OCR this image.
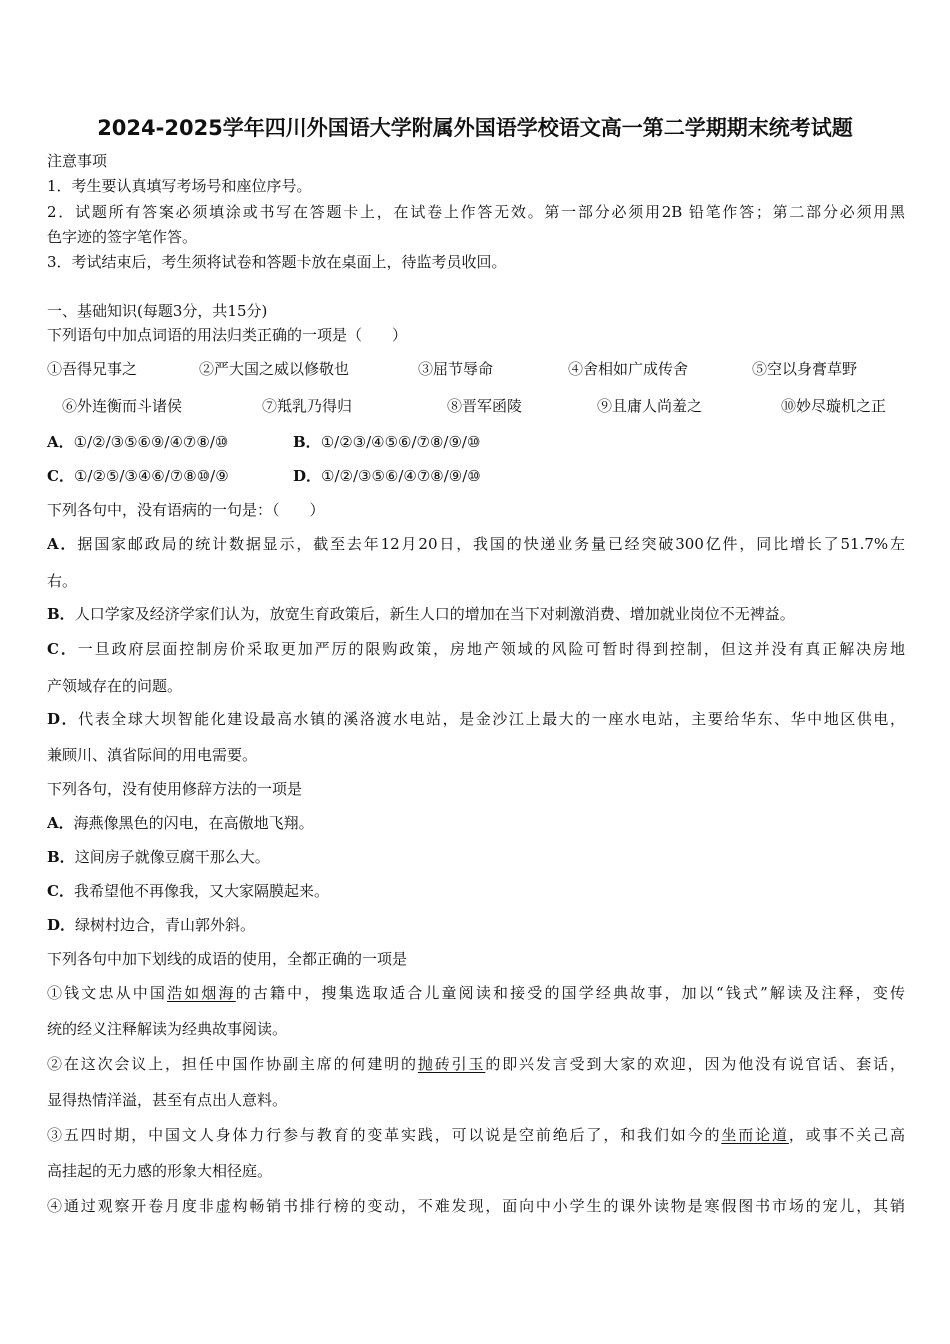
2024-2025学年四川外国语大学附属外国语学校语文高一第二学期期末统考试题
注意事项
1．考生要认真填写考场号和座位序号。
2．试题所有答案必须填涂或书写在答题卡上，在试卷上作答无效。第一部分必须用2B 铅笔作答；第二部分必须用黑
色字迹的签字笔作答。
3．考试结束后，考生须将试卷和答题卡放在桌面上，待监考员收回。
一、基础知识(每题3分，共15分)
下列语句中加点词语的用法归类正确的一项是（　　）
①吾得兄事之	②严大国之威以修敬也	③屈节辱命	④舍相如广成传舍	⑤空以身膏草野
⑥外连衡而斗诸侯	⑦羝乳乃得归	⑧晋军函陵	⑨且庸人尚羞之	⑩妙尽璇机之正
A．①/②/③⑤⑥⑨/④⑦⑧/⑩	B．①/②③/④⑤⑥/⑦⑧/⑨/⑩
C．①/②⑤/③④⑥/⑦⑧⑩/⑨	D．①/②/③⑤⑥/④⑦⑧/⑨/⑩
下列各句中，没有语病的一句是：（　　）
A．据国家邮政局的统计数据显示，截至去年12月20日，我国的快递业务量已经突破300亿件，同比增长了51.7%左
右。
B．人口学家及经济学家们认为，放宽生育政策后，新生人口的增加在当下对刺激消费、增加就业岗位不无裨益。
C．一旦政府层面控制房价采取更加严厉的限购政策，房地产领域的风险可暂时得到控制，但这并没有真正解决房地
产领域存在的问题。
D．代表全球大坝智能化建设最高水镇的溪洛渡水电站，是金沙江上最大的一座水电站，主要给华东、华中地区供电，
兼顾川、滇省际间的用电需要。
下列各句，没有使用修辞方法的一项是
A．海燕像黑色的闪电，在高傲地飞翔。
B．这间房子就像豆腐干那么大。
C．我希望他不再像我，又大家隔膜起来。
D．绿树村边合，青山郭外斜。
下列各句中加下划线的成语的使用，全都正确的一项是
①钱文忠从中国浩如烟海的古籍中，搜集选取适合儿童阅读和接受的国学经典故事，加以“钱式”解读及注释，变传
统的经义注释解读为经典故事阅读。
②在这次会议上，担任中国作协副主席的何建明的抛砖引玉的即兴发言受到大家的欢迎，因为他没有说官话、套话，
显得热情洋溢，甚至有点出人意料。
③五四时期，中国文人身体力行参与教育的变革实践，可以说是空前绝后了，和我们如今的坐而论道，或事不关己高
高挂起的无力感的形象大相径庭。
④通过观察开卷月度非虚构畅销书排行榜的变动，不难发现，面向中小学生的课外读物是寒假图书市场的宠儿，其销
